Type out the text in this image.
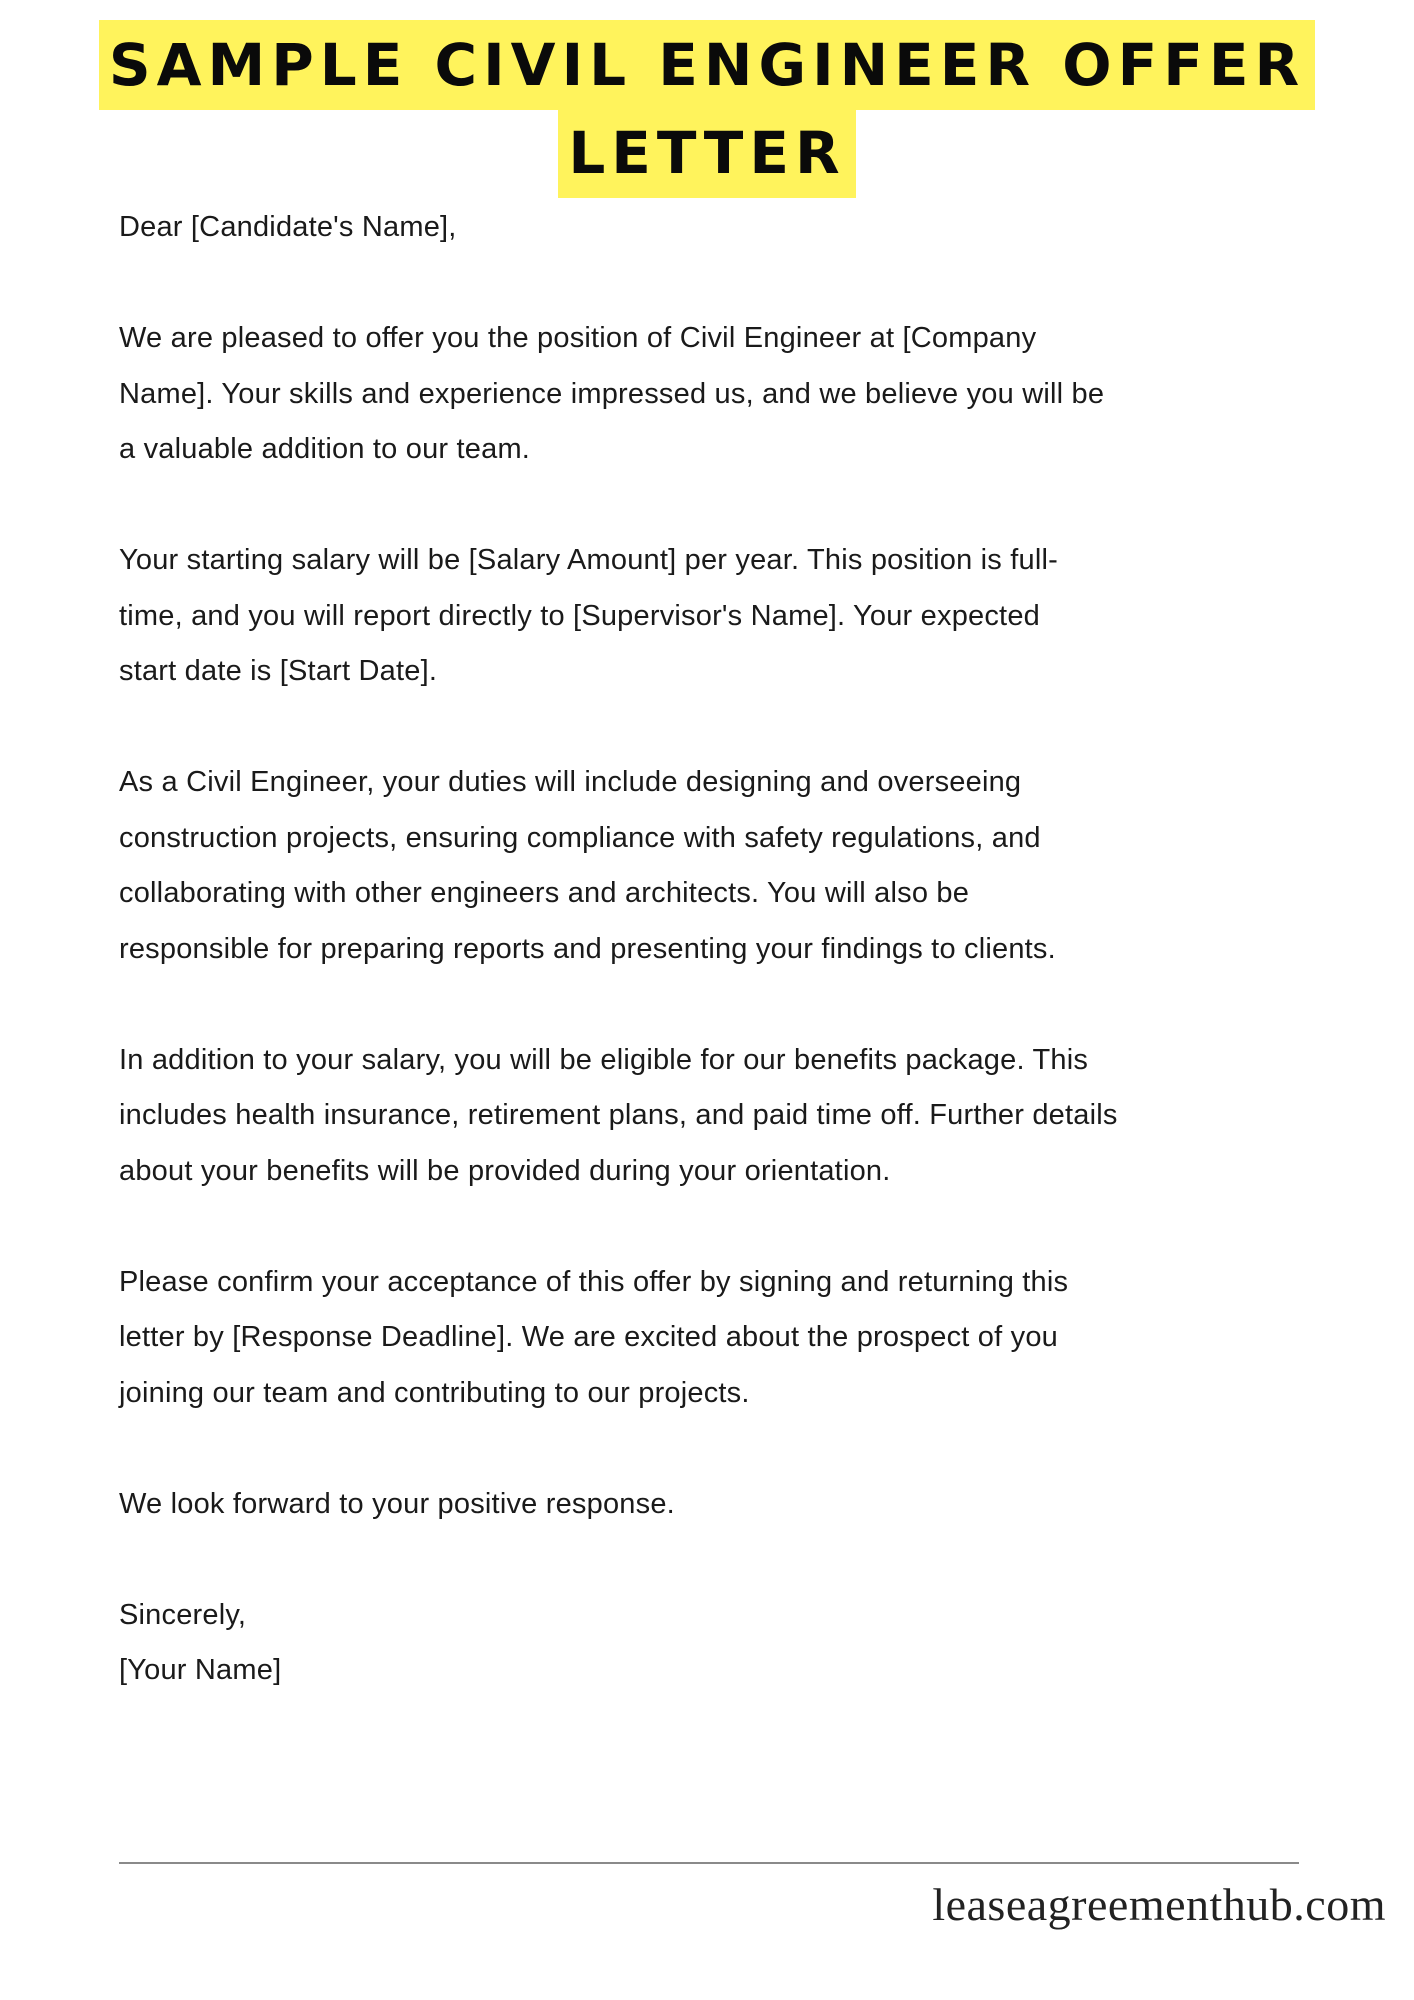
SAMPLE CIVIL ENGINEER OFFER
LETTER

Dear [Candidate's Name],

We are pleased to offer you the position of Civil Engineer at [Company
Name]. Your skills and experience impressed us, and we believe you will be
a valuable addition to our team.

Your starting salary will be [Salary Amount] per year. This position is full-
time, and you will report directly to [Supervisor's Name]. Your expected
start date is [Start Date].

As a Civil Engineer, your duties will include designing and overseeing
construction projects, ensuring compliance with safety regulations, and
collaborating with other engineers and architects. You will also be
responsible for preparing reports and presenting your findings to clients.

In addition to your salary, you will be eligible for our benefits package. This
includes health insurance, retirement plans, and paid time off. Further details
about your benefits will be provided during your orientation.

Please confirm your acceptance of this offer by signing and returning this
letter by [Response Deadline]. We are excited about the prospect of you
joining our team and contributing to our projects.

We look forward to your positive response.

Sincerely,
[Your Name]

leaseagreementhub.com
